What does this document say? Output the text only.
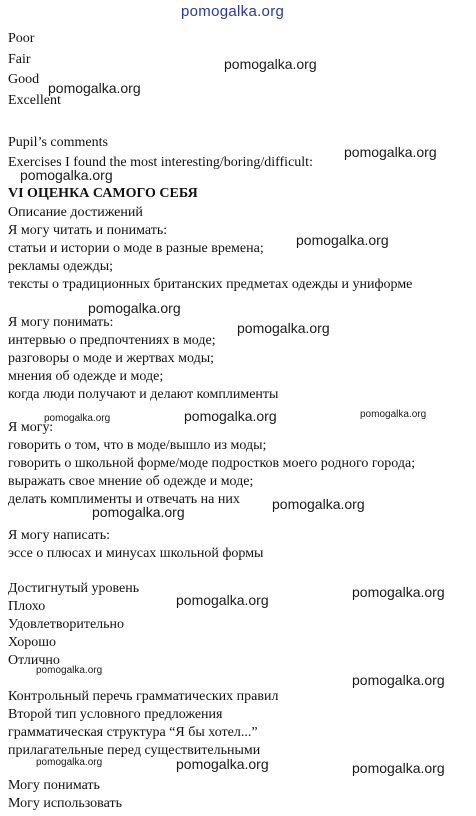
pomogalka.org
Poor
Fair
Good
Excellent
Pupil’s comments
Exercises I found the most interesting/boring/difficult:
VI ОЦЕНКА САМОГО СЕБЯ
Описание достижений
Я могу читать и понимать:
статьи и истории о моде в разные времена;
рекламы одежды;
тексты о традиционных британских предметах одежды и униформе
Я могу понимать:
интервью о предпочтениях в моде;
разговоры о моде и жертвах моды;
мнения об одежде и моде;
когда люди получают и делают комплименты
Я могу:
говорить о том, что в моде/вышло из моды;
говорить о школьной форме/моде подростков моего родного города;
выражать свое мнение об одежде и моде;
делать комплименты и отвечать на них
Я могу написать:
эссе о плюсах и минусах школьной формы
Достигнутый уровень
Плохо
Удовлетворительно
Хорошо
Отлично
Контрольный перечь грамматических правил
Второй тип условного предложения
грамматическая структура “Я бы хотел...”
прилагательные перед существительными
Могу понимать
Могу использовать
pomogalka.org
pomogalka.org
pomogalka.org
pomogalka.org
pomogalka.org
pomogalka.org
pomogalka.org
pomogalka.org	pomogalka.org	pomogalka.org
pomogalka.org
pomogalka.org
pomogalka.org	pomogalka.org
pomogalka.org
pomogalka.org
pomogalka.org	pomogalka.org	pomogalka.org
